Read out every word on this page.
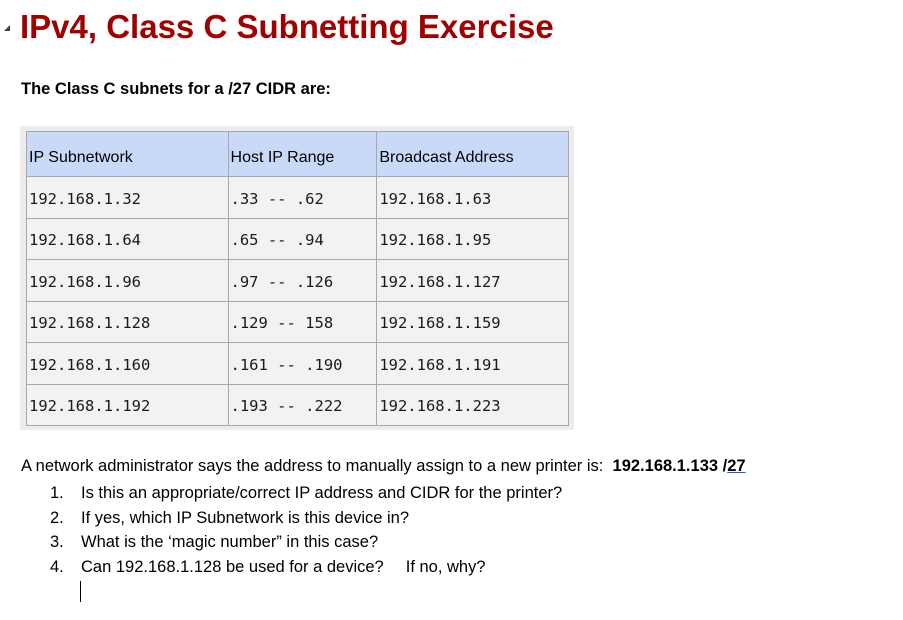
IPv4, Class C Subnetting Exercise
The Class C subnets for a /27 CIDR are:
IP Subnetwork	Host IP Range	Broadcast Address
192.168.1.32	.33 -- .62	192.168.1.63
192.168.1.64	.65 -- .94	192.168.1.95
192.168.1.96	.97 -- .126	192.168.1.127
192.168.1.128	.129 -- 158	192.168.1.159
192.168.1.160	.161 -- .190	192.168.1.191
192.168.1.192	.193 -- .222	192.168.1.223
A network administrator says the address to manually assign to a new printer is: 192.168.1.133 /27
1. Is this an appropriate/correct IP address and CIDR for the printer?
2. If yes, which IP Subnetwork is this device in?
3. What is the ‘magic number” in this case?
4. Can 192.168.1.128 be used for a device? If no, why?
